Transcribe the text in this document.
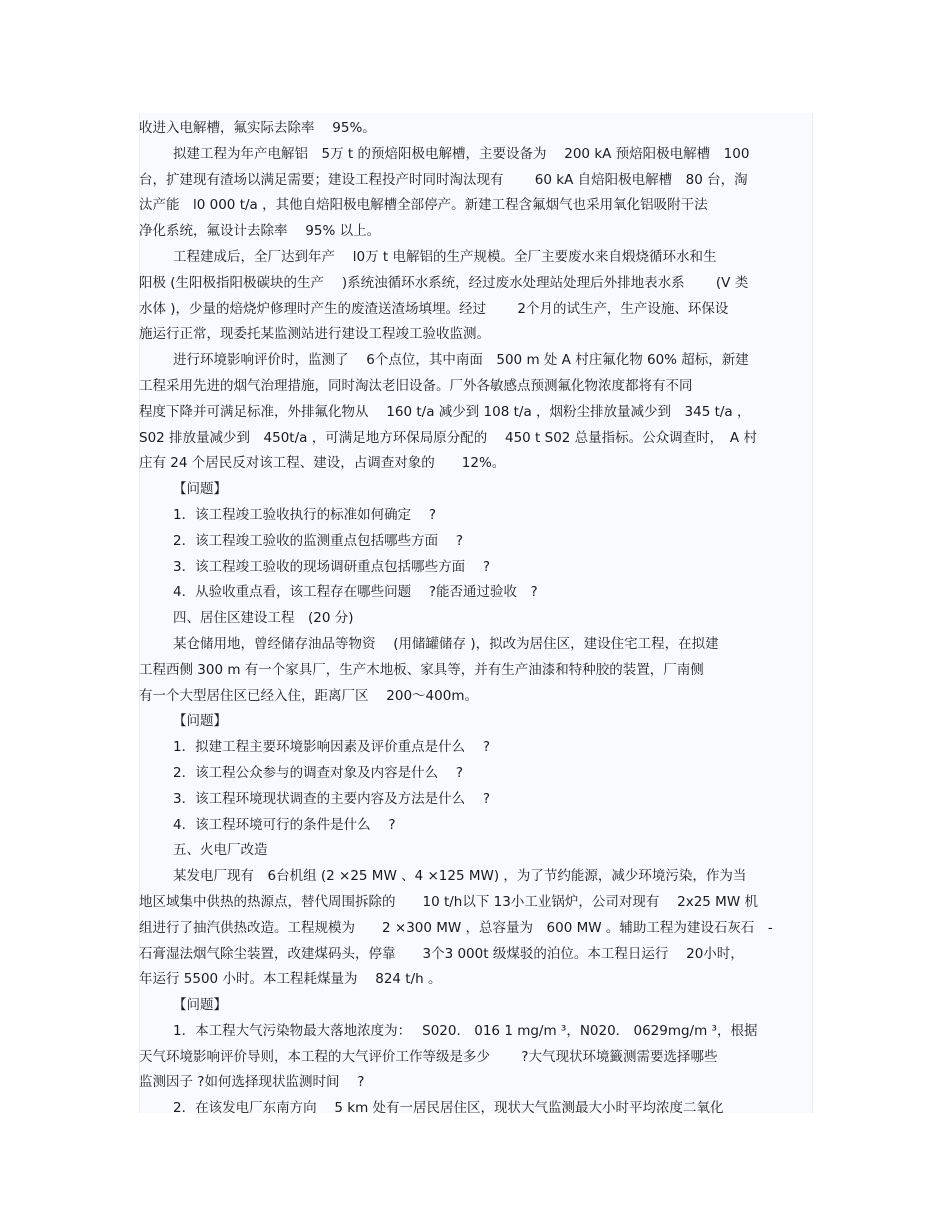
收进入电解槽，氟实际去除率　 95%。
拟建工程为年产电解铝　5万 t 的预焙阳极电解槽，主要设备为　 200 kA 预焙阳极电解槽　100
台，扩建现有渣场以满足需要；建设工程投产时同时淘汰现有　　 60 kA 自焙阳极电解槽　80 台，淘
汰产能　l0 000 t/a ，其他自焙阳极电解槽全部停产。新建工程含氟烟气也采用氧化铝吸附干法
净化系统，氟设计去除率　 95% 以上。
工程建成后，全厂达到年产　 l0万 t 电解铝的生产规模。全厂主要废水来自煅烧循环水和生
阳极 (生阳极指阳极碳块的生产　 )系统浊循环水系统，经过废水处理站处理后外排地表水系　　 (V 类
水体 )，少量的焙烧炉修理时产生的废渣送渣场填埋。经过　　 2个月的试生产，生产设施、环保设
施运行正常，现委托某监测站进行建设工程竣工验收监测。
进行环境影响评价时，监测了　 6个点位，其中南面　500 m 处 A 村庄氟化物 60% 超标，新建
工程采用先进的烟气治理措施，同时淘汰老旧设备。厂外各敏感点预测氟化物浓度都将有不同
程度下降并可满足标准，外排氟化物从　 160 t/a 减少到 108 t/a ，烟粉尘排放量减少到　345 t/a ，
S02 排放量减少到　450t/a ，可满足地方环保局原分配的　 450 t S02 总量指标。公众调查时，　A 村
庄有 24 个居民反对该工程、建设，占调查对象的　　12%。
【问题】
1．该工程竣工验收执行的标准如何确定　 ?
2．该工程竣工验收的监测重点包括哪些方面　 ?
3．该工程竣工验收的现场调研重点包括哪些方面　 ?
4．从验收重点看，该工程存在哪些问题　 ?能否通过验收　?
四、居住区建设工程　(20 分)
某仓储用地，曾经储存油品等物资　 (用储罐储存 )，拟改为居住区，建设住宅工程，在拟建
工程西侧 300 m 有一个家具厂，生产木地板、家具等，并有生产油漆和特种胶的装置，厂南侧
有一个大型居住区已经入住，距离厂区　 200～400m。
【问题】
1．拟建工程主要环境影响因素及评价重点是什么　 ?
2．该工程公众参与的调查对象及内容是什么　 ?
3．该工程环境现状调查的主要内容及方法是什么　 ?
4．该工程环境可行的条件是什么　 ?
五、火电厂改造
某发电厂现有　6台机组 (2 ×25 MW 、4 ×125 MW) ，为了节约能源，减少环境污染，作为当
地区域集中供热的热源点，替代周围拆除的　　10 t/h以下 13小工业锅炉，公司对现有　 2x25 MW 机
组进行了抽汽供热改造。工程规模为　　2 ×300 MW ，总容量为　600 MW 。辅助工程为建设石灰石　-
石膏湿法烟气除尘装置，改建煤码头，停靠　　3个3 000t 级煤驳的泊位。本工程日运行　 20小时，
年运行 5500 小时。本工程耗煤量为　 824 t/h 。
【问题】
1．本工程大气污染物最大落地浓度为：　 S020． 016 1 mg/m ³，N020． 0629mg/m ³，根据
天气环境影响评价导则，本工程的大气评价工作等级是多少　　 ?大气现状环境籤测需要选择哪些
监测因子 ?如何选择现状监测时间　 ?
2．在该发电厂东南方向　 5 km 处有一居民居住区，现状大气监测最大小时平均浓度二氧化
